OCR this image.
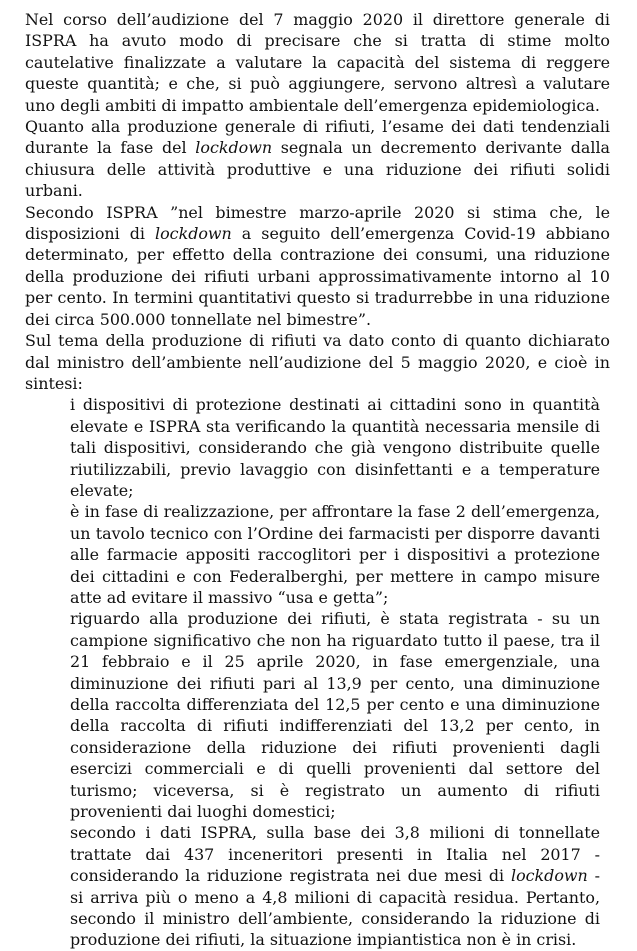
Nel corso dell’audizione del 7 maggio 2020 il direttore generale di ISPRA ha avuto modo di precisare che si tratta di stime molto cautelative finalizzate a valutare la capacità del sistema di reggere queste quantità; e che, si può aggiungere, servono altresì a valutare uno degli ambiti di impatto ambientale dell’emergenza epidemiologica.

Quanto alla produzione generale di rifiuti, l’esame dei dati tendenziali durante la fase del lockdown segnala un decremento derivante dalla chiusura delle attività produttive e una riduzione dei rifiuti solidi urbani.

Secondo ISPRA ”nel bimestre marzo-aprile 2020 si stima che, le disposizioni di lockdown a seguito dell’emergenza Covid-19 abbiano determinato, per effetto della contrazione dei consumi, una riduzione della produzione dei rifiuti urbani approssimativamente intorno al 10 per cento. In termini quantitativi questo si tradurrebbe in una riduzione dei circa 500.000 tonnellate nel bimestre”.

Sul tema della produzione di rifiuti va dato conto di quanto dichiarato dal ministro dell’ambiente nell’audizione del 5 maggio 2020, e cioè in sintesi:

i dispositivi di protezione destinati ai cittadini sono in quantità elevate e ISPRA sta verificando la quantità necessaria mensile di tali dispositivi, considerando che già vengono distribuite quelle riutilizzabili, previo lavaggio con disinfettanti e a temperature elevate;
è in fase di realizzazione, per affrontare la fase 2 dell’emergenza, un tavolo tecnico con l’Ordine dei farmacisti per disporre davanti alle farmacie appositi raccoglitori per i dispositivi a protezione dei cittadini e con Federalberghi, per mettere in campo misure atte ad evitare il massivo “usa e getta”;
riguardo alla produzione dei rifiuti, è stata registrata - su un campione significativo che non ha riguardato tutto il paese, tra il 21 febbraio e il 25 aprile 2020, in fase emergenziale, una diminuzione dei rifiuti pari al 13,9 per cento, una diminuzione della raccolta differenziata del 12,5 per cento e una diminuzione della raccolta di rifiuti indifferenziati del 13,2 per cento, in considerazione della riduzione dei rifiuti provenienti dagli esercizi commerciali e di quelli provenienti dal settore del turismo; viceversa, si è registrato un aumento di rifiuti provenienti dai luoghi domestici;
secondo i dati ISPRA, sulla base dei 3,8 milioni di tonnellate trattate dai 437 inceneritori presenti in Italia nel 2017 - considerando la riduzione registrata nei due mesi di lockdown - si arriva più o meno a 4,8 milioni di capacità residua. Pertanto, secondo il ministro dell’ambiente, considerando la riduzione di produzione dei rifiuti, la situazione impiantistica non è in crisi.
